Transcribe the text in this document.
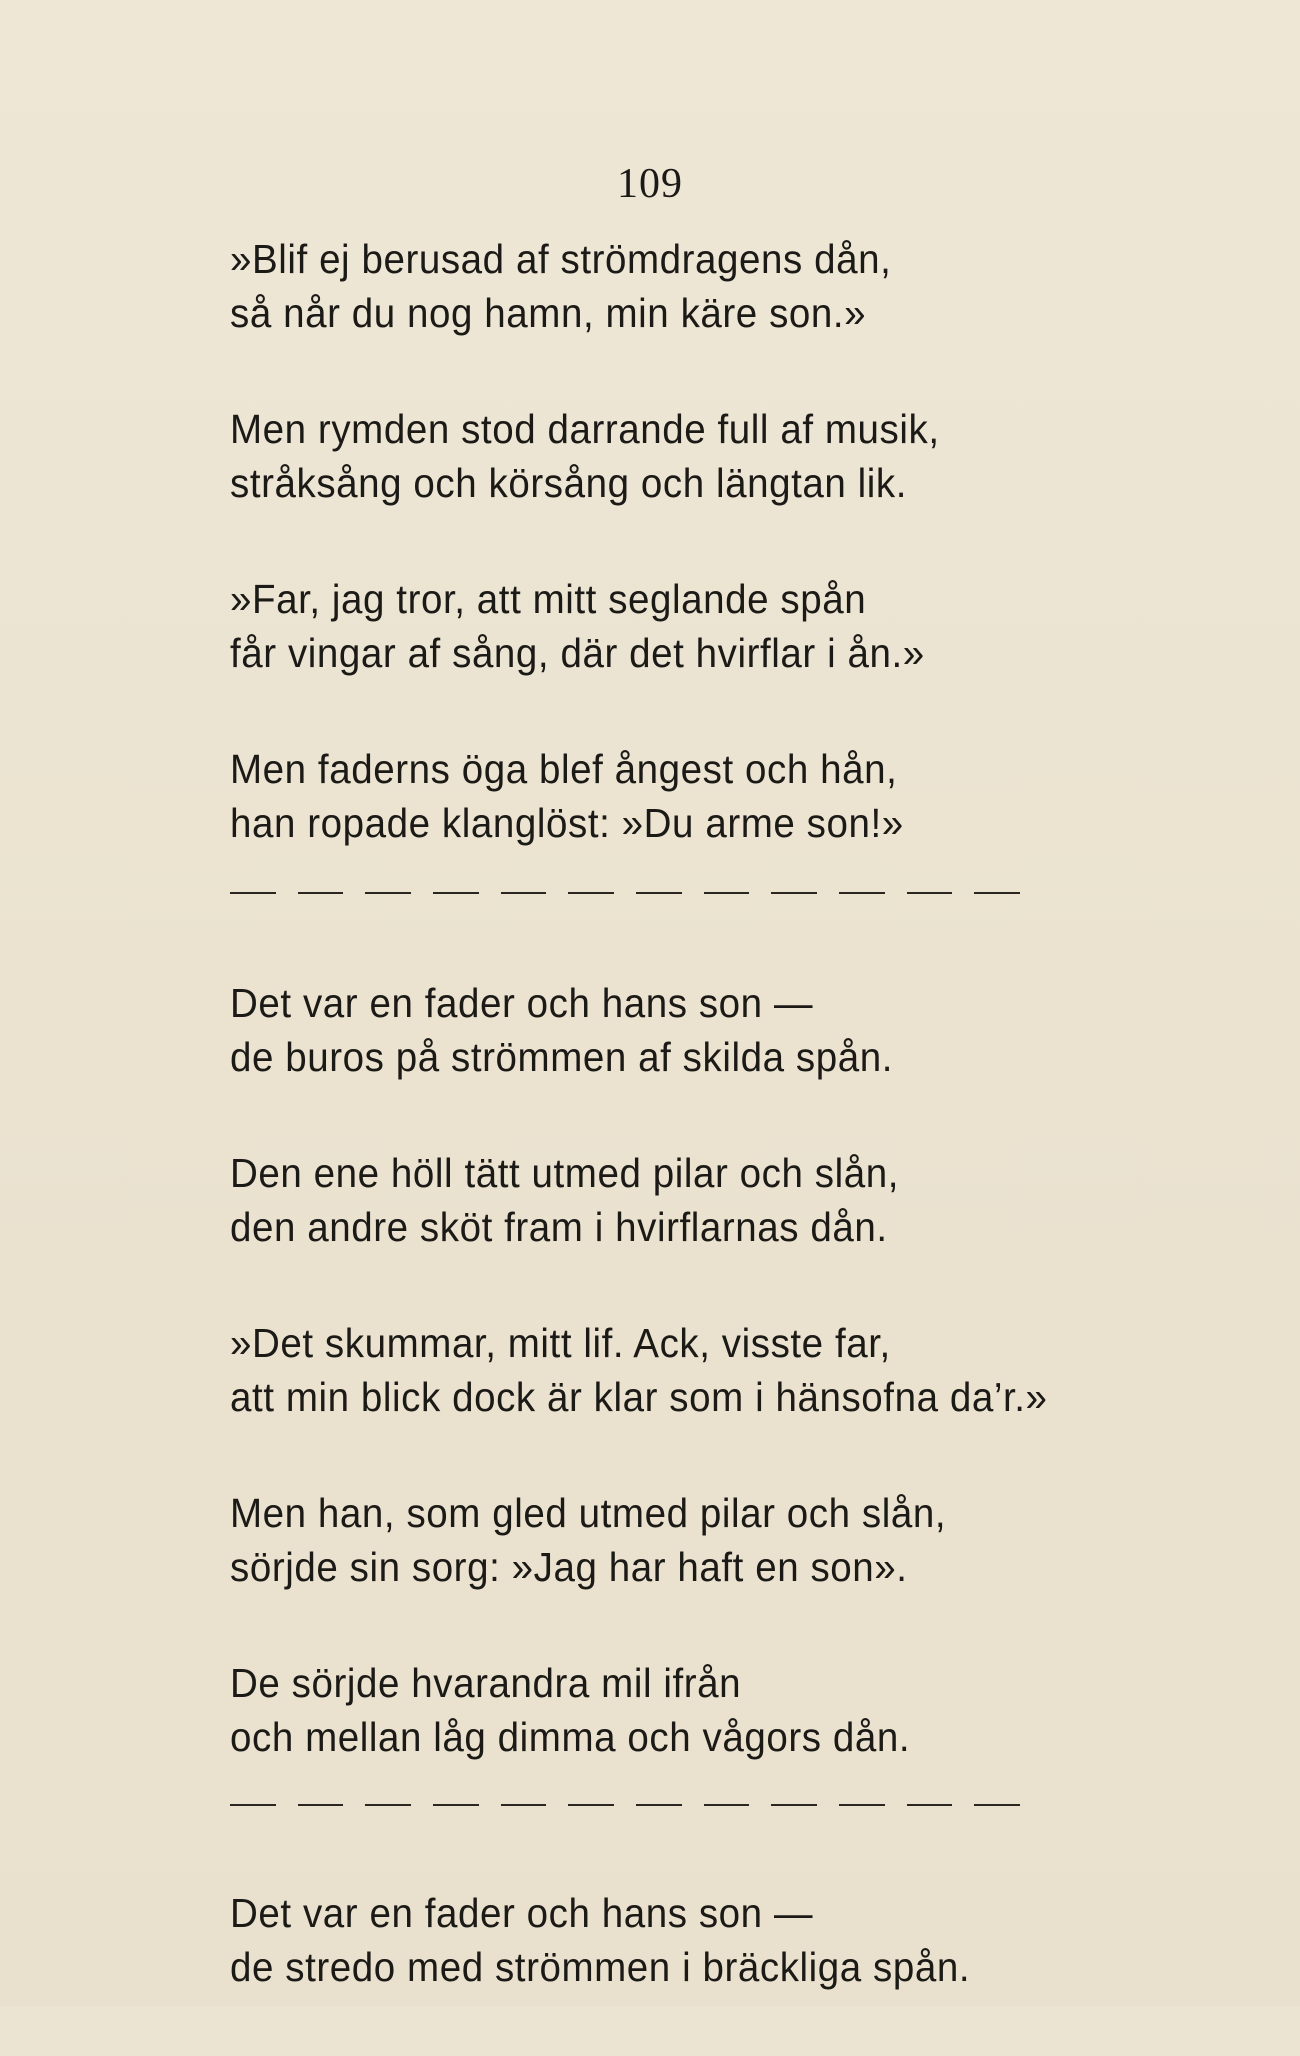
109
»Blif ej berusad af strömdragens dån,
så når du nog hamn, min käre son.»
Men rymden stod darrande full af musik,
stråksång och körsång och längtan lik.
»Far, jag tror, att mitt seglande spån
får vingar af sång, där det hvirflar i ån.»
Men faderns öga blef ångest och hån,
han ropade klanglöst: »Du arme son!»
Det var en fader och hans son —
de buros på strömmen af skilda spån.
Den ene höll tätt utmed pilar och slån,
den andre sköt fram i hvirflarnas dån.
»Det skummar, mitt lif. Ack, visste far,
att min blick dock är klar som i hänsofna da’r.»
Men han, som gled utmed pilar och slån,
sörjde sin sorg: »Jag har haft en son».
De sörjde hvarandra mil ifrån
och mellan låg dimma och vågors dån.
Det var en fader och hans son —
de stredo med strömmen i bräckliga spån.
